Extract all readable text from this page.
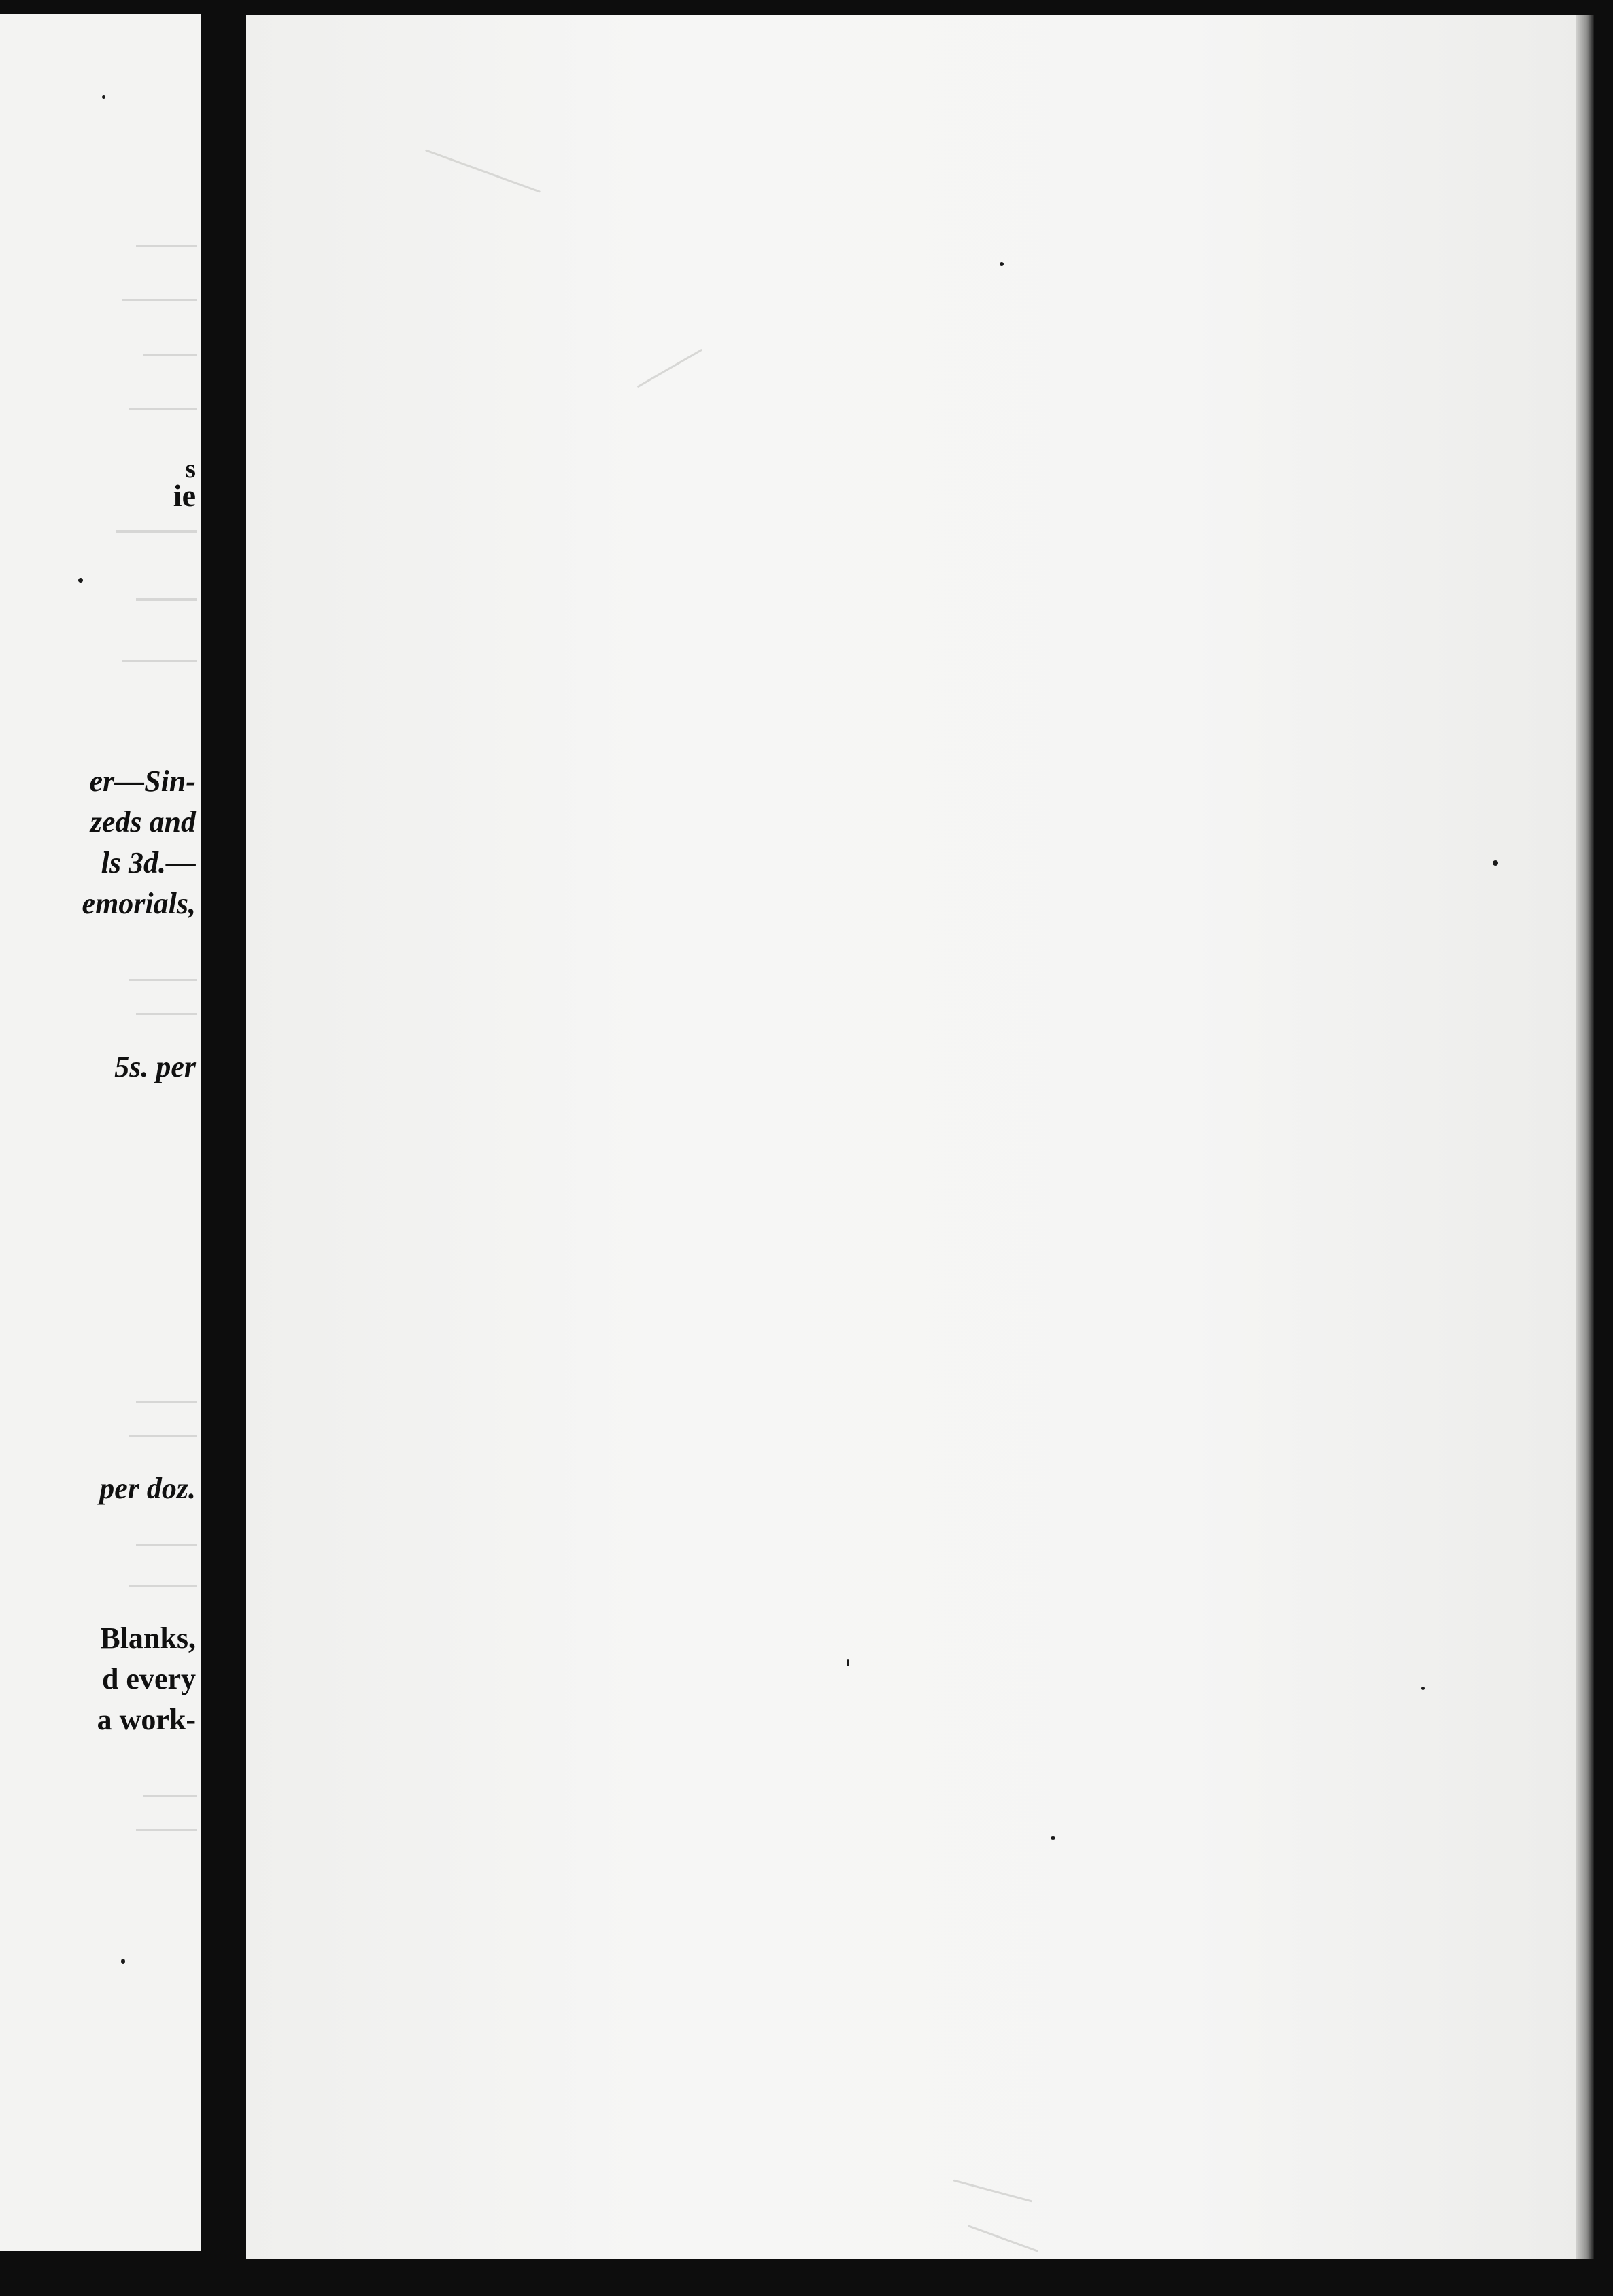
s

ie

er—Sin-

zeds and

ls 3d.—

emorials,

5s. per

per doz.

Blanks,

d every

a work-
